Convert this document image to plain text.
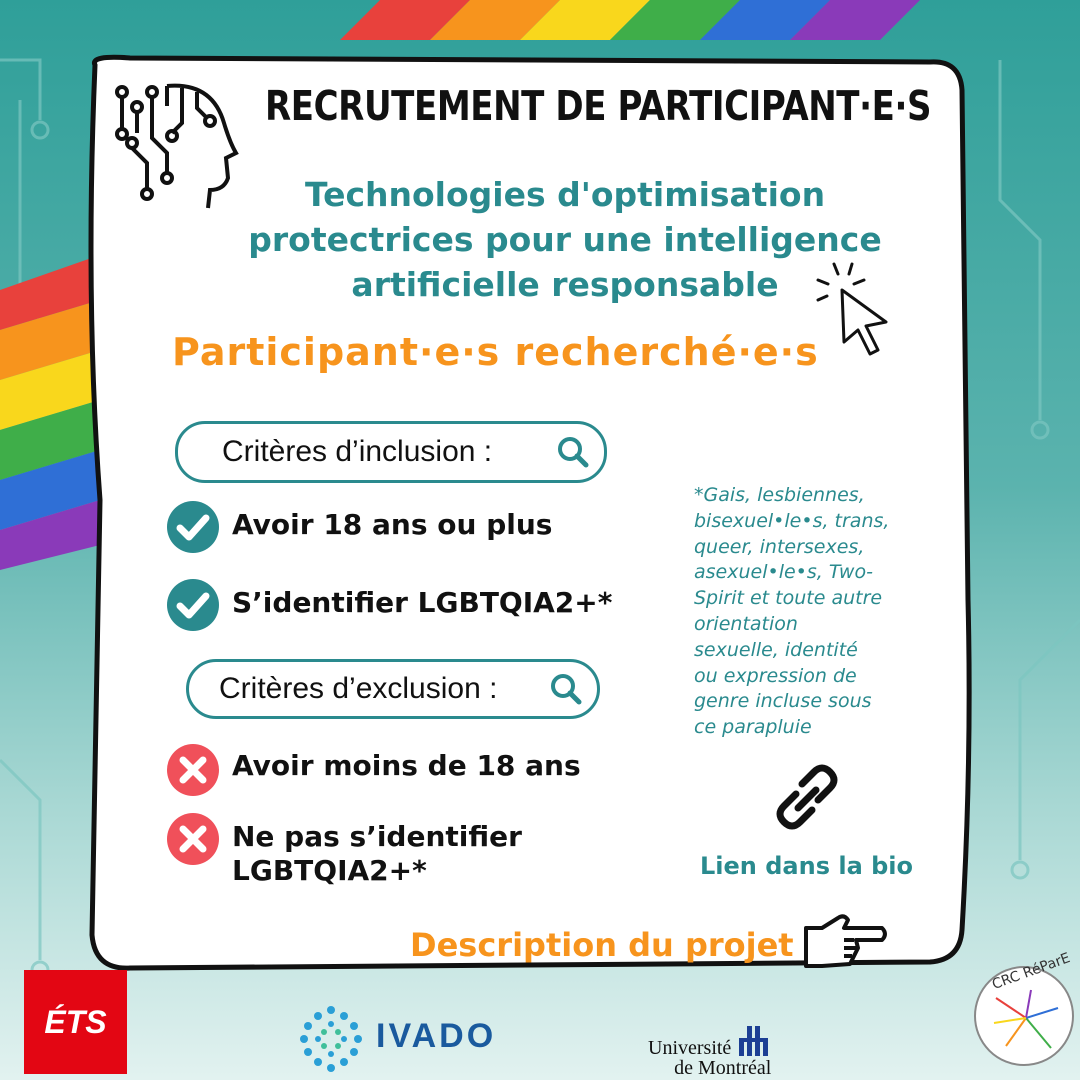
RECRUTEMENT DE PARTICIPANT·E·S
Technologies d'optimisation
protectrices pour une intelligence
artificielle responsable
Participant·e·s recherché·e·s
Critères d’inclusion :
Avoir 18 ans ou plus
S’identifier LGBTQIA2+*
Critères d’exclusion :
Avoir moins de 18 ans
Ne pas s’identifier LGBTQIA2+*
*Gais, lesbiennes,
bisexuel•le•s, trans,
queer, intersexes,
asexuel•le•s, Two-
Spirit et toute autre
orientation
sexuelle, identité
ou expression de
genre incluse sous
ce parapluie
Lien dans la bio
Description du projet
ÉTS	IVADO	Université
de Montréal
CRC RéParE
